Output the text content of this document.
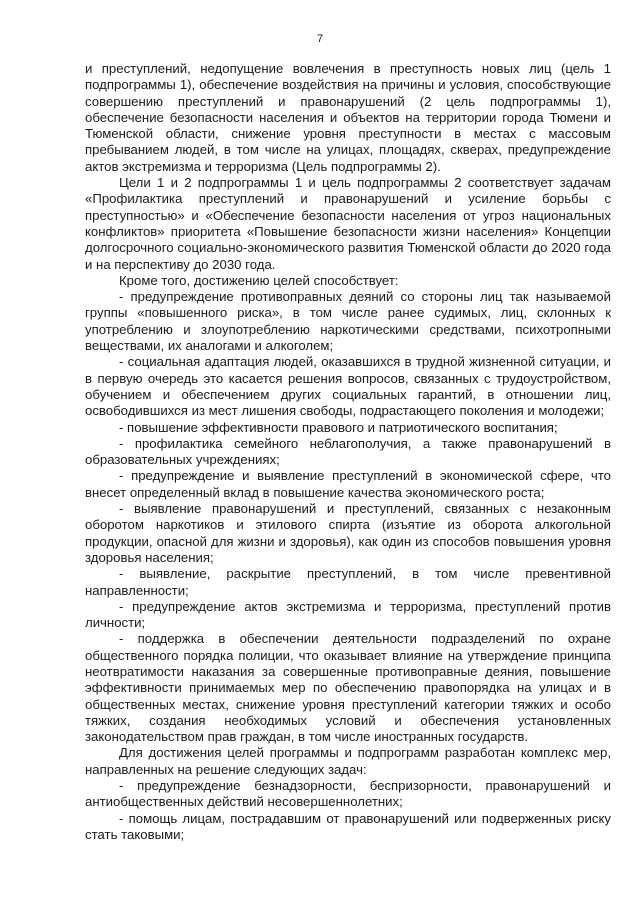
7

и преступлений, недопущение вовлечения в преступность новых лиц (цель 1 подпрограммы 1), обеспечение воздействия на причины и условия, способствующие совершению преступлений и правонарушений (2 цель подпрограммы 1), обеспечение безопасности населения и объектов на территории города Тюмени и Тюменской области, снижение уровня преступности в местах с массовым пребыванием людей, в том числе на улицах, площадях, скверах, предупреждение актов экстремизма и терроризма (Цель подпрограммы 2).

Цели 1 и 2 подпрограммы 1 и цель подпрограммы 2 соответствует задачам «Профилактика преступлений и правонарушений и усиление борьбы с преступностью» и «Обеспечение безопасности населения от угроз национальных конфликтов» приоритета «Повышение безопасности жизни населения» Концепции долгосрочного социально-экономического развития Тюменской области до 2020 года и на перспективу до 2030 года.

Кроме того, достижению целей способствует:

- предупреждение противоправных деяний со стороны лиц так называемой группы «повышенного риска», в том числе ранее судимых, лиц, склонных к употреблению и злоупотреблению наркотическими средствами, психотропными веществами, их аналогами и алкоголем;

- социальная адаптация людей, оказавшихся в трудной жизненной ситуации, и в первую очередь это касается решения вопросов, связанных с трудоустройством, обучением и обеспечением других социальных гарантий, в отношении лиц, освободившихся из мест лишения свободы, подрастающего поколения и молодежи;

- повышение эффективности правового и патриотического воспитания;

- профилактика семейного неблагополучия, а также правонарушений в образовательных учреждениях;

- предупреждение и выявление преступлений в экономической сфере, что внесет определенный вклад в повышение качества экономического роста;

- выявление правонарушений и преступлений, связанных с незаконным оборотом наркотиков и этилового спирта (изъятие из оборота алкогольной продукции, опасной для жизни и здоровья), как один из способов повышения уровня здоровья населения;

- выявление, раскрытие преступлений, в том числе превентивной направленности;

- предупреждение актов экстремизма и терроризма, преступлений против личности;

- поддержка в обеспечении деятельности подразделений по охране общественного порядка полиции, что оказывает влияние на утверждение принципа неотвратимости наказания за совершенные противоправные деяния, повышение эффективности принимаемых мер по обеспечению правопорядка на улицах и в общественных местах, снижение уровня преступлений категории тяжких и особо тяжких, создания необходимых условий и обеспечения установленных законодательством прав граждан, в том числе иностранных государств.

Для достижения целей программы и подпрограмм разработан комплекс мер, направленных на решение следующих задач:

- предупреждение безнадзорности, беспризорности, правонарушений и антиобщественных действий несовершеннолетних;

- помощь лицам, пострадавшим от правонарушений или подверженных риску стать таковыми;
